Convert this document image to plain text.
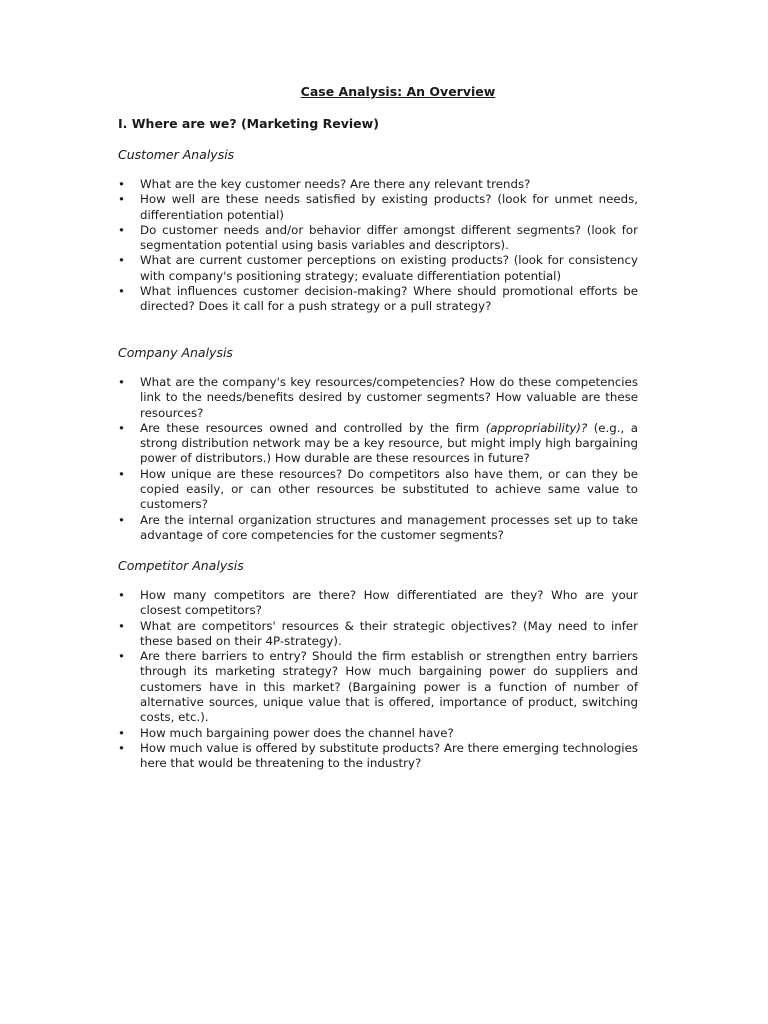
Case Analysis: An Overview
I. Where are we? (Marketing Review)

Customer Analysis

• What are the key customer needs? Are there any relevant trends?
• How well are these needs satisfied by existing products? (look for unmet needs, differentiation potential)
• Do customer needs and/or behavior differ amongst different segments? (look for segmentation potential using basis variables and descriptors).
• What are current customer perceptions on existing products? (look for consistency with company's positioning strategy; evaluate differentiation potential)
• What influences customer decision-making? Where should promotional efforts be directed? Does it call for a push strategy or a pull strategy?

Company Analysis

• What are the company's key resources/competencies? How do these competencies link to the needs/benefits desired by customer segments? How valuable are these resources?
• Are these resources owned and controlled by the firm (appropriability)? (e.g., a strong distribution network may be a key resource, but might imply high bargaining power of distributors.) How durable are these resources in future?
• How unique are these resources? Do competitors also have them, or can they be copied easily, or can other resources be substituted to achieve same value to customers?
• Are the internal organization structures and management processes set up to take advantage of core competencies for the customer segments?

Competitor Analysis

• How many competitors are there? How differentiated are they? Who are your closest competitors?
• What are competitors' resources & their strategic objectives? (May need to infer these based on their 4P-strategy).
• Are there barriers to entry? Should the firm establish or strengthen entry barriers through its marketing strategy? How much bargaining power do suppliers and customers have in this market? (Bargaining power is a function of number of alternative sources, unique value that is offered, importance of product, switching costs, etc.).
• How much bargaining power does the channel have?
• How much value is offered by substitute products? Are there emerging technologies here that would be threatening to the industry?
